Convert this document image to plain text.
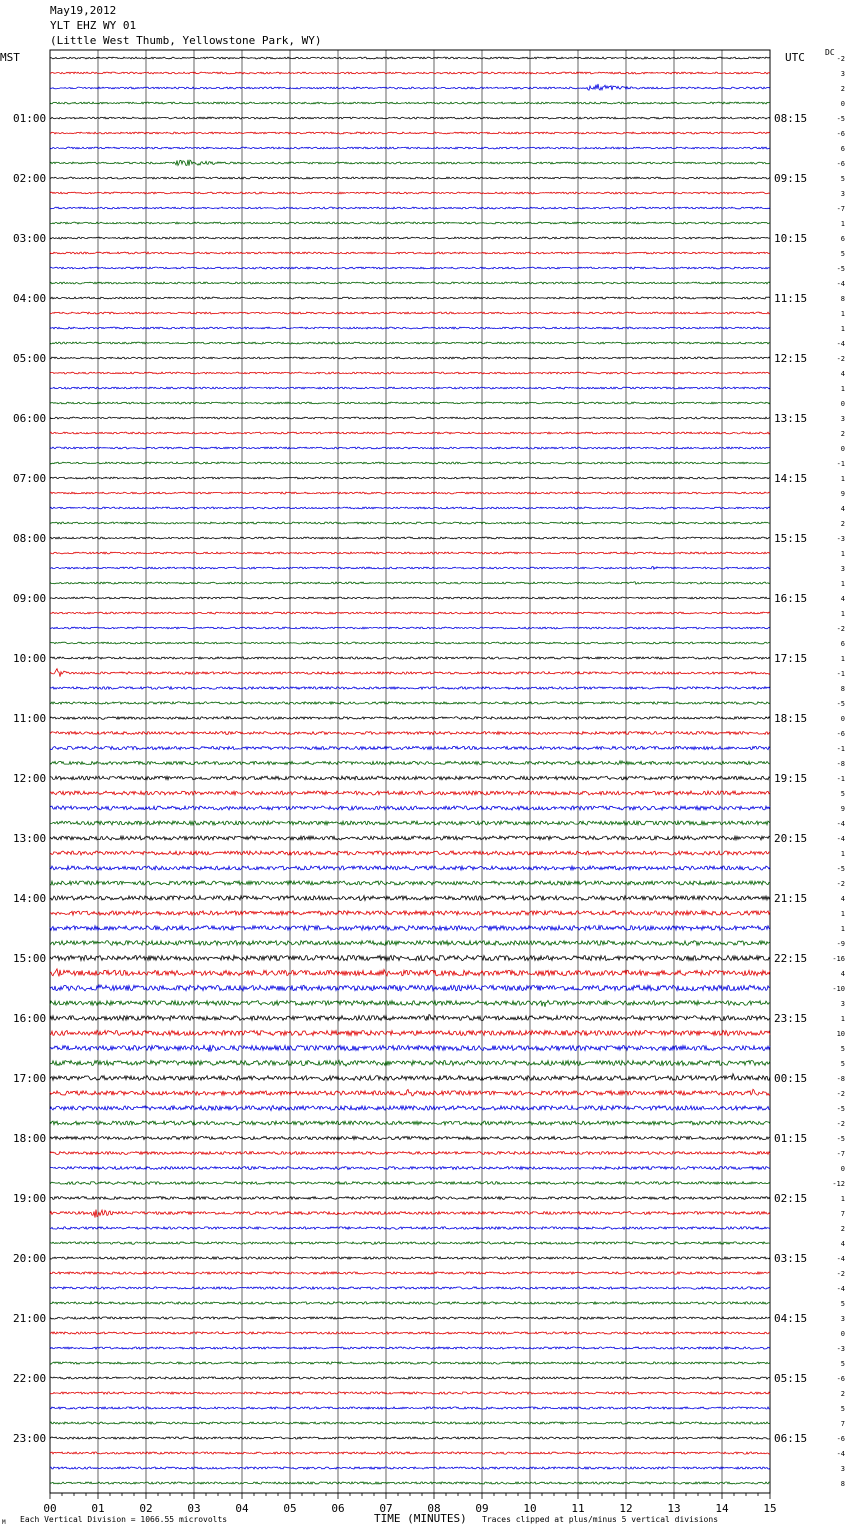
May19,2012
YLT EHZ WY 01
(Little West Thumb, Yellowstone Park, WY)
MST	UTC	DC
01:00
02:00
03:00
04:00
05:00
06:00
07:00
08:00
09:00
10:00
11:00
12:00
13:00
14:00
15:00
16:00
17:00
18:00
19:00
20:00
21:00
22:00
23:00
08:15
09:15
10:15
11:15
12:15
13:15
14:15
15:15
16:15
17:15
18:15
19:15
20:15
21:15
22:15
23:15
00:15
01:15
02:15
03:15
04:15
05:15
06:15
-2
3
2
0
-5
-6
6
-6
5
3
-7
1
6
5
-5
-4
8
1
1
-4
-2
4
1
0
3
2
0
-1
1
9
4
2
-3
1
3
1
4
1
-2
6
1
-1
8
-5
0
-6
-1
-8
-1
5
9
-4
-4
1
-5
-2
4
1
1
-9
-16
4
-10
3
1
10
5
5
-8
-2
-5
-2
-5
-7
0
-12
1
7
2
4
-4
-2
-4
5
3
0
-3
5
-6
2
5
7
-6
-4
3
8
00	01	02	03	04	05	06	07	08	09	10	11	12	13	14	15
M Each Vertical Division = 1066.55 microvolts	TIME (MINUTES) Traces clipped at plus/minus 5 vertical divisions
